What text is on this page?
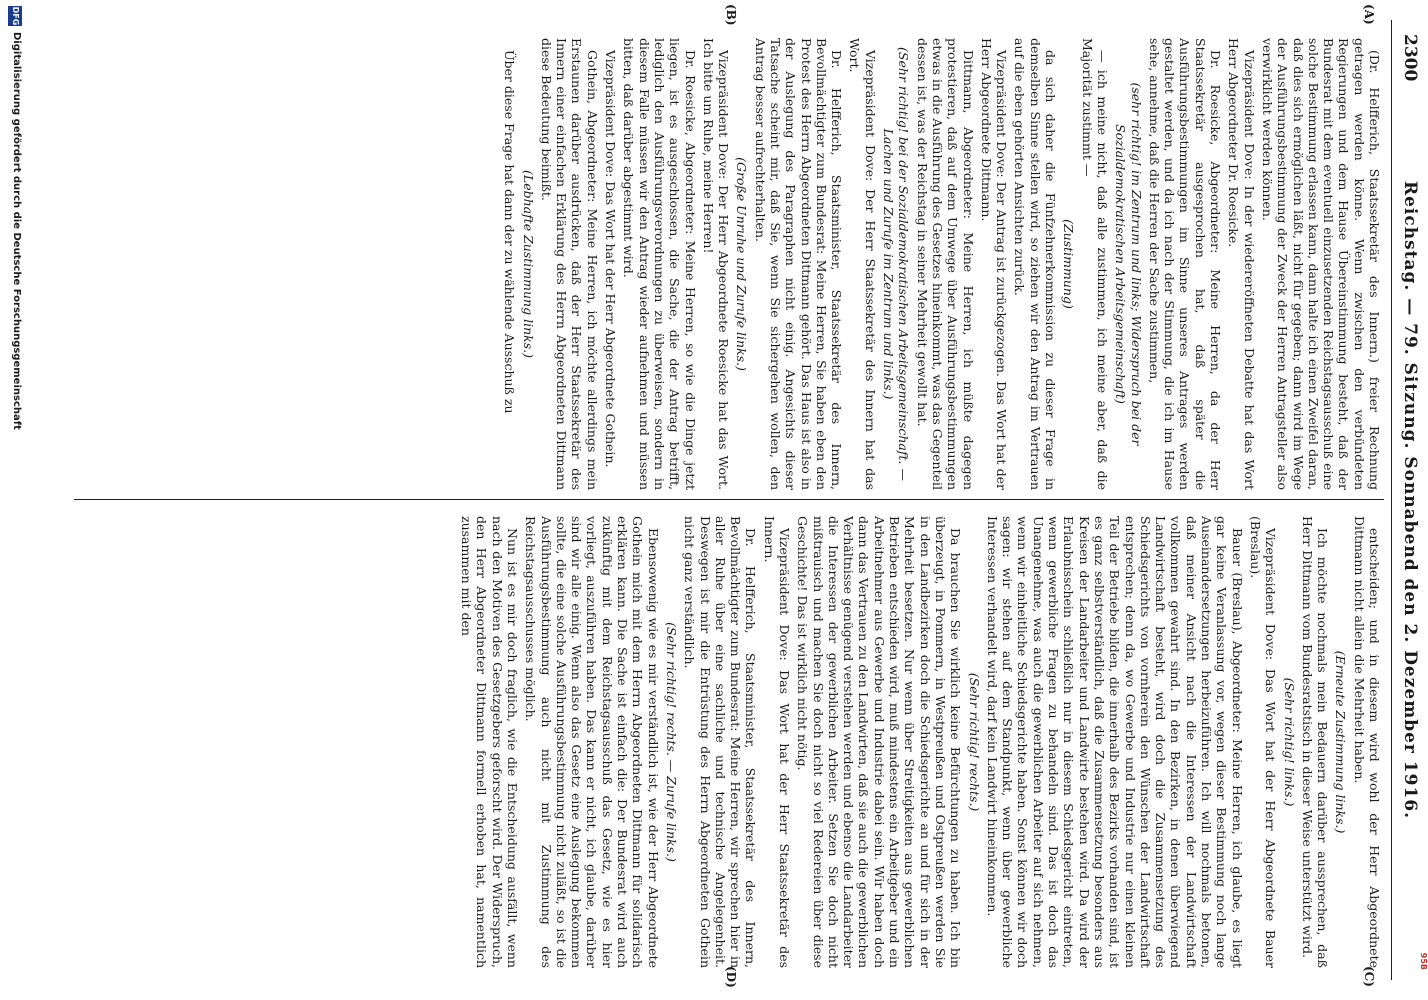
2300
Reichstag. — 79. Sitzung. Sonnabend den 2. Dezember 1916.
95B
(A)
(B)
(C)
(D)

(Dr. Helfferich, Staatssekretär des Innern.) freier Rechnung getragen werden könne. Wenn zwischen den verbündeten Regierungen und dem Hause Übereinstimmung besteht, daß der Bundesrat mit dem eventuell einzusetzenden Reichstagsausschuß eine solche Bestimmung erlassen kann, dann halte ich einen Zweifel daran, daß dies sich ermöglichen läßt, nicht für gegeben; dann wird im Wege der Ausführungsbestimmung der Zweck der Herren Antragsteller also verwirklicht werden können.

Vizepräsident Dove: In der wiedereröffneten Debatte hat das Wort Herr Abgeordneter Dr. Roesicke.

Dr. Roesicke, Abgeordneter: Meine Herren, da der Herr Staatssekretär ausgesprochen hat, daß später die Ausführungsbestimmungen im Sinne unseres Antrages werden gestaltet werden, und da ich nach der Stimmung, die ich im Hause sehe, annehme, daß die Herren der Sache zustimmen,

(sehr richtig! im Zentrum und links; Widerspruch bei der Sozialdemokratischen Arbeitsgemeinschaft)

— ich meine nicht, daß alle zustimmen, ich meine aber, daß die Majorität zustimmt —

(Zustimmung)

da sich daher die Fünfzehnerkommission zu dieser Frage in demselben Sinne stellen wird, so ziehen wir den Antrag im Vertrauen auf die eben gehörten Ansichten zurück.

Vizepräsident Dove: Der Antrag ist zurückgezogen. Das Wort hat der Herr Abgeordnete Dittmann.

Dittmann, Abgeordneter: Meine Herren, ich müßte dagegen protestieren, daß auf dem Umwege über Ausführungsbestimmungen etwas in die Ausführung des Gesetzes hineinkommt, was das Gegenteil dessen ist, was der Reichstag in seiner Mehrheit gewollt hat.

(Sehr richtig! bei der Sozialdemokratischen Arbeitsgemeinschaft. — Lachen und Zurufe im Zentrum und links.)

Vizepräsident Dove: Der Herr Staatssekretär des Innern hat das Wort.

Dr. Helfferich, Staatsminister, Staatssekretär des Innern, Bevollmächtigter zum Bundesrat: Meine Herren, Sie haben eben den Protest des Herrn Abgeordneten Dittmann gehört. Das Haus ist also in der Auslegung des Paragraphen nicht einig. Angesichts dieser Tatsache scheint mir, daß Sie, wenn Sie sichergehen wollen, den Antrag besser aufrechterhalten.

(Große Unruhe und Zurufe links.)

Vizepräsident Dove: Der Herr Abgeordnete Roesicke hat das Wort. Ich bitte um Ruhe, meine Herren!

Dr. Roesicke, Abgeordneter: Meine Herren, so wie die Dinge jetzt liegen, ist es ausgeschlossen, die Sache, die der Antrag betrifft, lediglich den Ausführungsverordnungen zu überweisen, sondern in diesem Falle müssen wir den Antrag wieder aufnehmen und müssen bitten, daß darüber abgestimmt wird.

Vizepräsident Dove: Das Wort hat der Herr Abgeordnete Gothein.

Gothein, Abgeordneter: Meine Herren, ich möchte allerdings mein Erstaunen darüber ausdrücken, daß der Herr Staatssekretär des Innern einer einfachen Erklärung des Herrn Abgeordneten Dittmann diese Bedeutung beimißt.

(Lebhafte Zustimmung links.)

Über diese Frage hat dann der zu wählende Ausschuß zu

entscheiden; und in diesem wird wohl der Herr Abgeordnete Dittmann nicht allein die Mehrheit haben.

(Erneute Zustimmung links.)

Ich möchte nochmals mein Bedauern darüber aussprechen, daß Herr Dittmann vom Bundesratstisch in dieser Weise unterstützt wird.

(Sehr richtig! links.)

Vizepräsident Dove: Das Wort hat der Herr Abgeordnete Bauer (Breslau).

Bauer (Breslau), Abgeordneter: Meine Herren, ich glaube, es liegt gar keine Veranlassung vor, wegen dieser Bestimmung noch lange Auseinandersetzungen herbeizuführen. Ich will nochmals betonen, daß meiner Ansicht nach die Interessen der Landwirtschaft vollkommen gewahrt sind. In den Bezirken, in denen überwiegend Landwirtschaft besteht, wird doch die Zusammensetzung des Schiedsgerichts von vornherein den Wünschen der Landwirtschaft entsprechen; denn da, wo Gewerbe und Industrie nur einen kleinen Teil der Betriebe bilden, die innerhalb des Bezirks vorhanden sind, ist es ganz selbstverständlich, daß die Zusammensetzung besonders aus Kreisen der Landarbeiter und Landwirte bestehen wird. Da wird der Erlaubnisschein schließlich nur in diesem Schiedsgericht eintreten, wenn gewerbliche Fragen zu behandeln sind. Das ist doch das Unangenehme, was auch die gewerblichen Arbeiter auf sich nehmen, wenn wir einheitliche Schiedsgerichte haben. Sonst können wir doch sagen: wir stehen auf dem Standpunkt, wenn über gewerbliche Interessen verhandelt wird, darf kein Landwirt hineinkommen.

(Sehr richtig! rechts.)

Da brauchen Sie wirklich keine Befürchtungen zu haben. Ich bin überzeugt, in Pommern, in Westpreußen und Ostpreußen werden Sie in den Landbezirken doch die Schiedsgerichte an und für sich in der Mehrheit besetzen. Nur wenn über Streitigkeiten aus gewerblichen Betrieben entschieden wird, muß mindestens ein Arbeitgeber und ein Arbeitnehmer aus Gewerbe und Industrie dabei sein. Wir haben doch dann das Vertrauen zu den Landwirten, daß sie auch die gewerblichen Verhältnisse genügend verstehen werden und ebenso die Landarbeiter die Interessen der gewerblichen Arbeiter. Setzen Sie doch nicht mißtrauisch und machen Sie doch nicht so viel Redereien über diese Geschichte! Das ist wirklich nicht nötig.

Vizepräsident Dove: Das Wort hat der Herr Staatssekretär des Innern.

Dr. Helfferich, Staatsminister, Staatssekretär des Innern, Bevollmächtigter zum Bundesrat: Meine Herren, wir sprechen hier in aller Ruhe über eine sachliche und technische Angelegenheit. Deswegen ist mir die Entrüstung des Herrn Abgeordneten Gothein nicht ganz verständlich.

(Sehr richtig! rechts. — Zurufe links.)

Ebensowenig wie es mir verständlich ist, wie der Herr Abgeordnete Gothein mich mit dem Herrn Abgeordneten Dittmann für solidarisch erklären kann. Die Sache ist einfach die: Der Bundesrat wird auch zukünftig mit dem Reichstagsausschuß das Gesetz, wie es hier vorliegt, auszuführen haben. Das kann er nicht, ich glaube, darüber sind wir alle einig. Wenn also das Gesetz eine Auslegung bekommen sollte, die eine solche Ausführungsbestimmung nicht zuläßt, so ist die Ausführungsbestimmung auch nicht mit Zustimmung des Reichstagsausschusses möglich.

Nun ist es mir doch fraglich, wie die Entscheidung ausfällt, wenn nach den Motiven des Gesetzgebers geforscht wird. Der Widerspruch, den Herr Abgeordneter Dittmann formell erhoben hat, namentlich zusammen mit den

DFG
Digitalisierung gefördert durch die Deutsche Forschungsgemeinschaft
